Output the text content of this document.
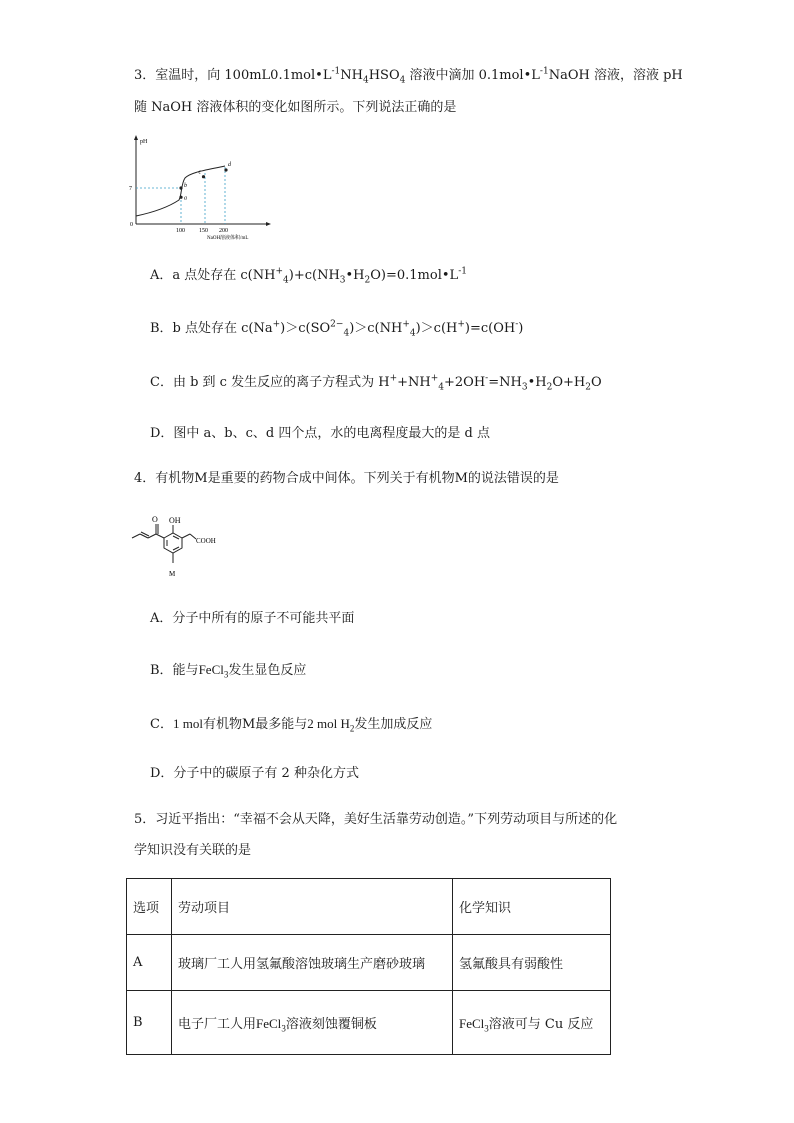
3．室温时，向 $100mL0.1mol•L^{-1}NH_4HSO_4$ 溶液中滴加 $0.1mol•L^{-1}NaOH$ 溶液，溶液 pH
随 NaOH 溶液体积的变化如图所示。下列说法正确的是
pH
0
7
100 150 200
NaOH溶液体积/mL
a
b
c
d
A．a 点处存在 $c(NH^+_4)+c(NH_3•H_2O)=0.1mol•L^{-1}$
B．b 点处存在 $c(Na^+)>c(SO^{2-}_4)>c(NH^+_4)>c(H^+)=c(OH^-)$
C．由 b 到 c 发生反应的离子方程式为 $H^++NH^+_4+2OH^-=NH_3•H_2O+H_2O$
D．图中 a、b、c、d 四个点，水的电离程度最大的是 d 点
4．有机物M是重要的药物合成中间体。下列关于有机物M的说法错误的是
O OH
COOH
M
A．分子中所有的原子不可能共平面
B．能与FeCl$_3$发生显色反应
C．1 mol有机物M最多能与2 mol $H_2$发生加成反应
D．分子中的碳原子有 2 种杂化方式
5．习近平指出：“幸福不会从天降，美好生活靠劳动创造。”下列劳动项目与所述的化
学知识没有关联的是
选项	劳动项目	化学知识
A	玻璃厂工人用氢氟酸溶蚀玻璃生产磨砂玻璃	氢氟酸具有弱酸性
B	电子厂工人用FeCl$_3$溶液刻蚀覆铜板	FeCl$_3$溶液可与 Cu 反应
